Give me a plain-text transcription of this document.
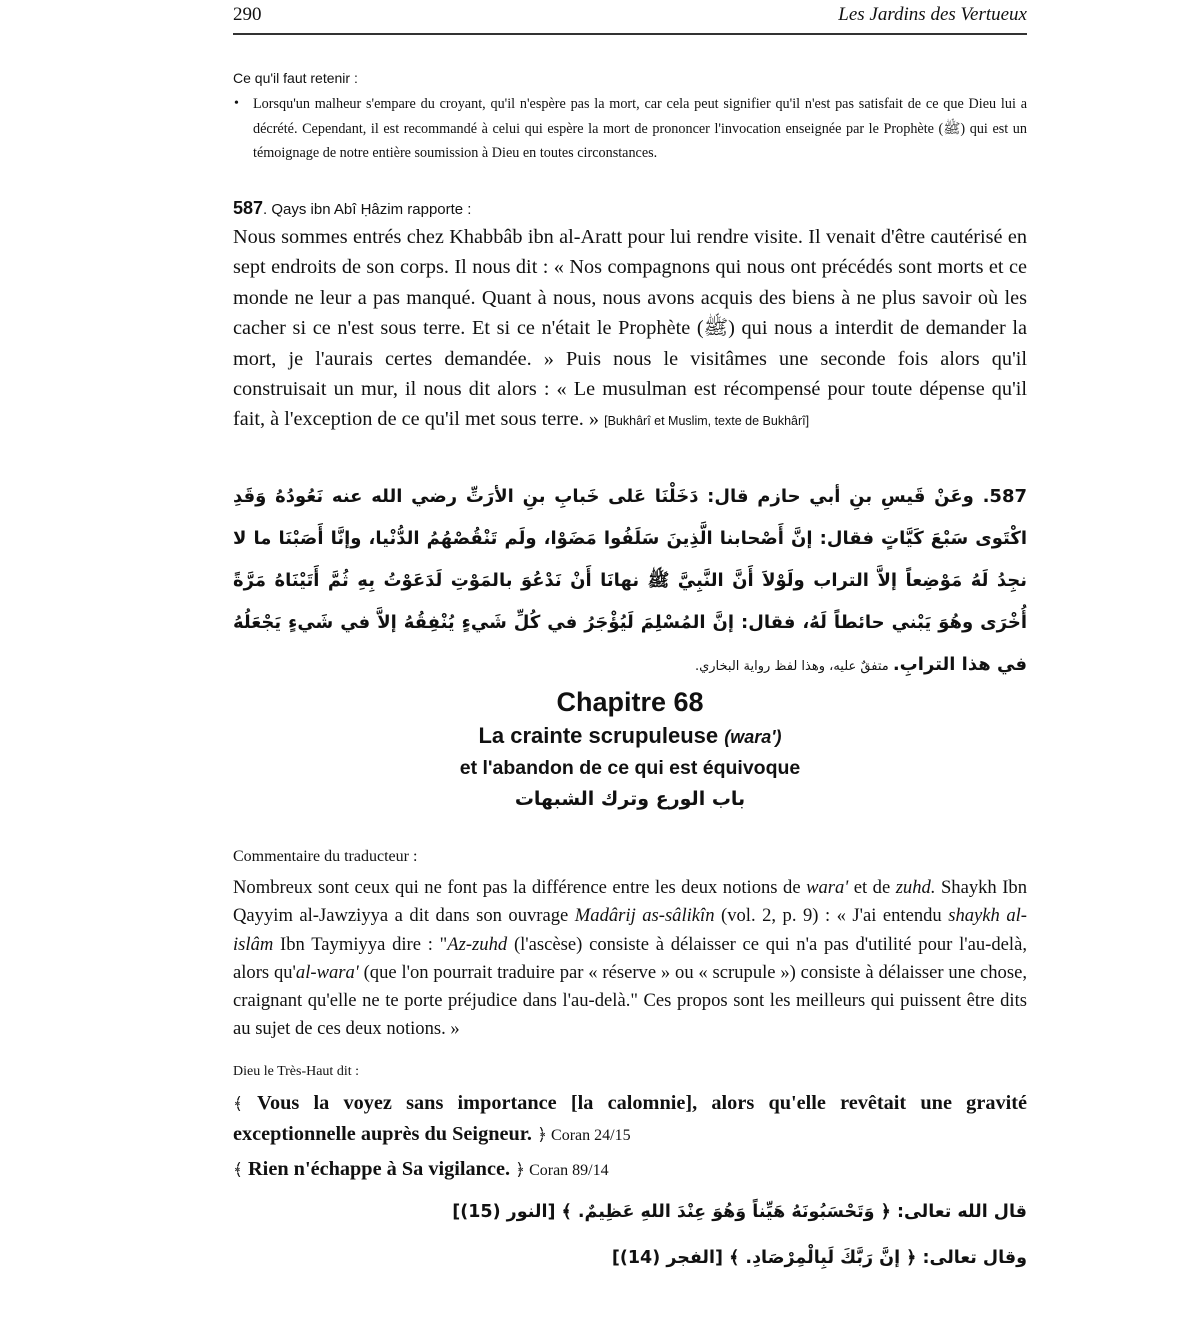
290	Les Jardins des Vertueux
Ce qu'il faut retenir :
• Lorsqu'un malheur s'empare du croyant, qu'il n'espère pas la mort, car cela peut signifier qu'il n'est pas satisfait de ce que Dieu lui a décrété. Cependant, il est recommandé à celui qui espère la mort de prononcer l'invocation enseignée par le Prophète (ﷺ) qui est un témoignage de notre entière soumission à Dieu en toutes circonstances.
587. Qays ibn Abî Ḥâzim rapporte :

Nous sommes entrés chez Khabbâb ibn al-Aratt pour lui rendre visite. Il venait d'être cautérisé en sept endroits de son corps. Il nous dit : « Nos compagnons qui nous ont précédés sont morts et ce monde ne leur a pas manqué. Quant à nous, nous avons acquis des biens à ne plus savoir où les cacher si ce n'est sous terre. Et si ce n'était le Prophète (ﷺ) qui nous a interdit de demander la mort, je l'aurais certes demandée. » Puis nous le visitâmes une seconde fois alors qu'il construisait un mur, il nous dit alors : « Le musulman est récompensé pour toute dépense qu'il fait, à l'exception de ce qu'il met sous terre. » [Bukhârî et Muslim, texte de Bukhârî]

587. وعَنْ قَيسِ بنِ أبي حازم قال: دَخَلْنَا عَلى خَبابِ بنِ الأرَتِّ رضي الله عنه نَعُودُهُ وَقَدِ اكْتَوى سَبْعَ كَيَّاتٍ فقال: إنَّ أَصْحابنا الَّذِينَ سَلَفُوا مَضَوْا، ولَم تَنْقُصْهُمُ الدُّنْيا، وإنَّا أَصَبْنَا ما لا نجِدُ لَهُ مَوْضِعاً إلاَّ التراب ولَوْلاَ أَنَّ النَّبِيَّ ﷺ نهانَا أَنْ نَدْعُوَ بالمَوْتِ لَدَعَوْتُ بِهِ ثُمَّ أَتَيْنَاهُ مَرَّةً أُخْرَى وهُوَ يَبْني حائطاً لَهُ، فقال: إنَّ المُسْلِمَ لَيُؤْجَرُ في كُلِّ شَيءٍ يُنْفِقُهُ إلاَّ في شَيءٍ يَجْعَلُهُ في هذا الترابِ. متفقٌ عليه، وهذا لفظ رواية البخاري.

Chapitre 68
La crainte scrupuleuse (wara')
et l'abandon de ce qui est équivoque
باب الورع وترك الشبهات
Commentaire du traducteur :

Nombreux sont ceux qui ne font pas la différence entre les deux notions de wara' et de zuhd. Shaykh Ibn Qayyim al-Jawziyya a dit dans son ouvrage Madârij as-sâlikîn (vol. 2, p. 9) : « J'ai entendu shaykh al-islâm Ibn Taymiyya dire : "Az-zuhd (l'ascèse) consiste à délaisser ce qui n'a pas d'utilité pour l'au-delà, alors qu'al-wara' (que l'on pourrait traduire par « réserve » ou « scrupule ») consiste à délaisser une chose, craignant qu'elle ne te porte préjudice dans l'au-delà." Ces propos sont les meilleurs qui puissent être dits au sujet de ces deux notions. »

Dieu le Très-Haut dit :

﴾ Vous la voyez sans importance [la calomnie], alors qu'elle revêtait une gravité exceptionnelle auprès du Seigneur. ﴿ Coran 24/15

﴾ Rien n'échappe à Sa vigilance. ﴿ Coran 89/14

قال الله تعالى: ﴿ وَتَحْسَبُونَهُ هَيِّناً وَهُوَ عِنْدَ اللهِ عَظِيمٌ. ﴾ [النور (15)]

وقال تعالى: ﴿ إنَّ رَبَّكَ لَبِالْمِرْصَادِ. ﴾ [الفجر (14)]
